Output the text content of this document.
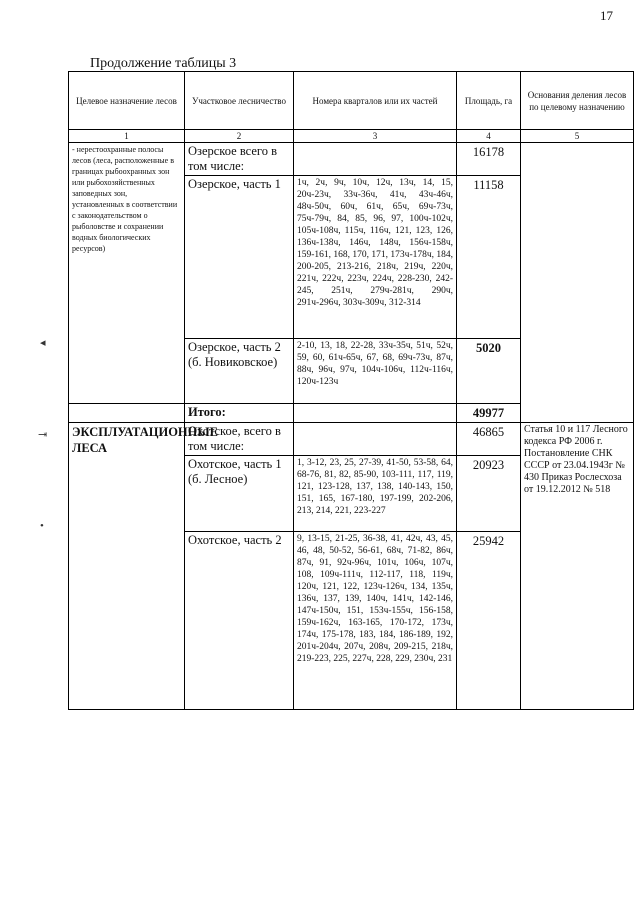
17
Продолжение таблицы 3
◂
⇥
•
Целевое назначение лесов	Участковое лесничество	Номера кварталов или их частей	Площадь, га	Основания деления лесов по целевому назначению
1	2	3	4	5
- нерестоохранные полосы лесов (леса, расположенные в границах рыбоохранных зон или рыбохозяйственных заповедных зон, установленных в соответствии с законодательством о рыболовстве и сохранении водных биологических ресурсов)	Озерское всего в том числе:		16178	
	Озерское, часть 1	1ч, 2ч, 9ч, 10ч, 12ч, 13ч, 14, 15, 20ч-23ч, 33ч-36ч, 41ч, 43ч-46ч, 48ч-50ч, 60ч, 61ч, 65ч, 69ч-73ч, 75ч-79ч, 84, 85, 96, 97, 100ч-102ч, 105ч-108ч, 115ч, 116ч, 121, 123, 126, 136ч-138ч, 146ч, 148ч, 156ч-158ч, 159-161, 168, 170, 171, 173ч-178ч, 184, 200-205, 213-216, 218ч, 219ч, 220ч, 221ч, 222ч, 223ч, 224ч, 228-230, 242-245, 251ч, 279ч-281ч, 290ч, 291ч-296ч, 303ч-309ч, 312-314	11158	
	Озерское, часть 2 (б. Новиковское)	2-10, 13, 18, 22-28, 33ч-35ч, 51ч, 52ч, 59, 60, 61ч-65ч, 67, 68, 69ч-73ч, 87ч, 88ч, 96ч, 97ч, 104ч-106ч, 112ч-116ч, 120ч-123ч	5020	
	Итого:		49977	
ЭКСПЛУАТАЦИОННЫЕ ЛЕСА	Охотское, всего в том числе:		46865	Статья 10 и 117 Лесного кодекса РФ 2006 г. Постановление СНК СССР от 23.04.1943г № 430 Приказ Рослесхоза от 19.12.2012 № 518
	Охотское, часть 1 (б. Лесное)	1, 3-12, 23, 25, 27-39, 41-50, 53-58, 64, 68-76, 81, 82, 85-90, 103-111, 117, 119, 121, 123-128, 137, 138, 140-143, 150, 151, 165, 167-180, 197-199, 202-206, 213, 214, 221, 223-227	20923	
	Охотское, часть 2	9, 13-15, 21-25, 36-38, 41, 42ч, 43, 45, 46, 48, 50-52, 56-61, 68ч, 71-82, 86ч, 87ч, 91, 92ч-96ч, 101ч, 106ч, 107ч, 108, 109ч-111ч, 112-117, 118, 119ч, 120ч, 121, 122, 123ч-126ч, 134, 135ч, 136ч, 137, 139, 140ч, 141ч, 142-146, 147ч-150ч, 151, 153ч-155ч, 156-158, 159ч-162ч, 163-165, 170-172, 173ч, 174ч, 175-178, 183, 184, 186-189, 192, 201ч-204ч, 207ч, 208ч, 209-215, 218ч, 219-223, 225, 227ч, 228, 229, 230ч, 231	25942	
